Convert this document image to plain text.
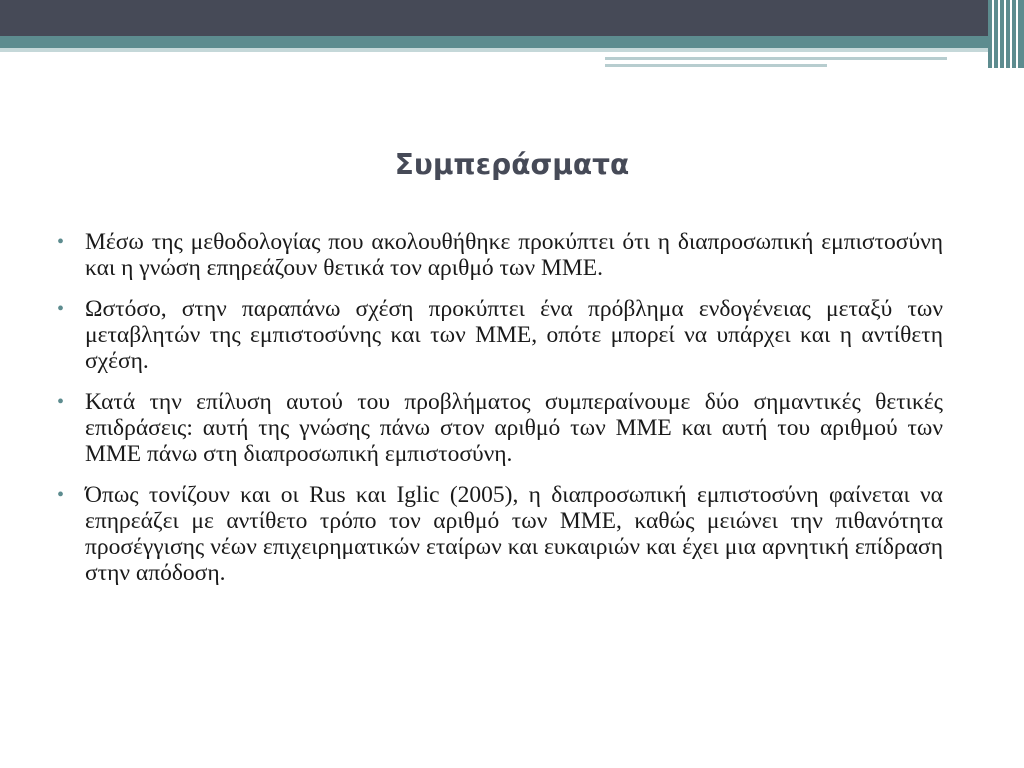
Συμπεράσματα
• Μέσω της μεθοδολογίας που ακολουθήθηκε προκύπτει ότι η διαπροσωπική εμπιστοσύνη και η γνώση επηρεάζουν θετικά τον αριθμό των ΜΜΕ.
• Ωστόσο, στην παραπάνω σχέση προκύπτει ένα πρόβλημα ενδογένειας μεταξύ των μεταβλητών της εμπιστοσύνης και των ΜΜΕ, οπότε μπορεί να υπάρχει και η αντίθετη σχέση.
• Κατά την επίλυση αυτού του προβλήματος συμπεραίνουμε δύο σημαντικές θετικές επιδράσεις: αυτή της γνώσης πάνω στον αριθμό των ΜΜΕ και αυτή του αριθμού των ΜΜΕ πάνω στη διαπροσωπική εμπιστοσύνη.
• Όπως τονίζουν και οι Rus και Iglic (2005), η διαπροσωπική εμπιστοσύνη φαίνεται να επηρεάζει με αντίθετο τρόπο τον αριθμό των ΜΜΕ, καθώς μειώνει την πιθανότητα προσέγγισης νέων επιχειρηματικών εταίρων και ευκαιριών και έχει μια αρνητική επίδραση στην απόδοση.
